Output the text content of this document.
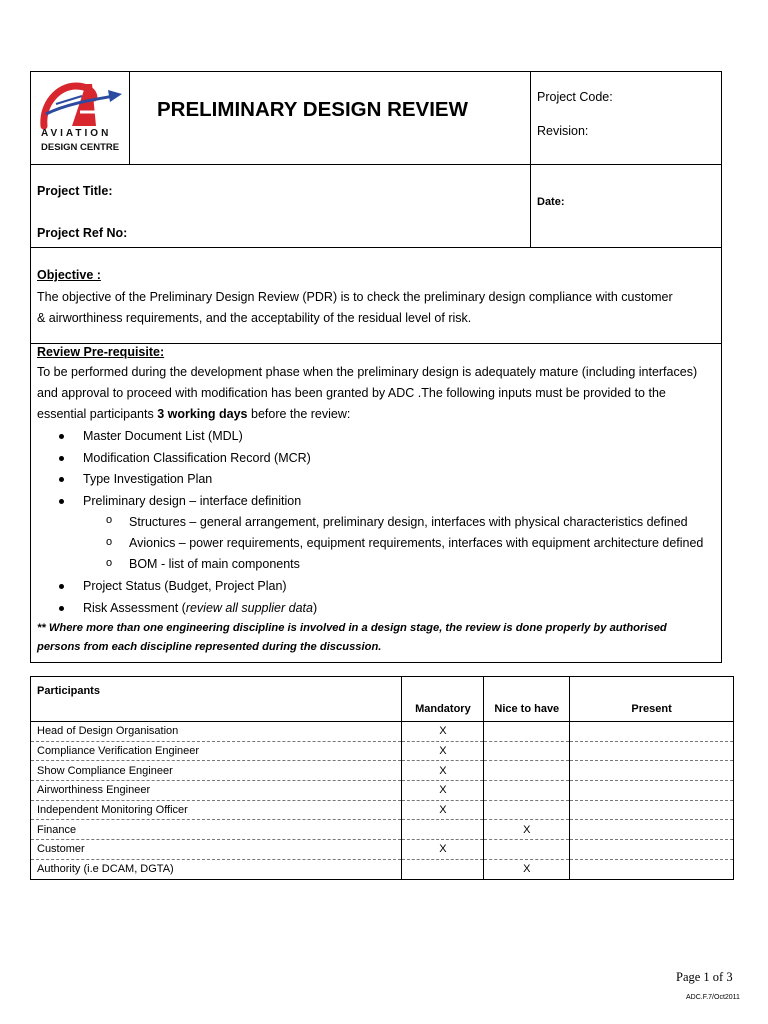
AVIATION
DESIGN CENTRE
PRELIMINARY DESIGN REVIEW
Project Code:
Revision:
Project Title:
Project Ref No:
Date:
Objective :
The objective of the Preliminary Design Review (PDR) is to check the preliminary design compliance with customer
& airworthiness requirements, and the acceptability of the residual level of risk.
Review Pre-requisite:
To be performed during the development phase when the preliminary design is adequately mature (including interfaces)
and approval to proceed with modification has been granted by ADC .The following inputs must be provided to the
essential participants 3 working days before the review:
Master Document List (MDL)
Modification Classification Record (MCR)
Type Investigation Plan
Preliminary design – interface definition
o Structures – general arrangement, preliminary design, interfaces with physical characteristics defined
o Avionics – power requirements, equipment requirements, interfaces with equipment architecture defined
o BOM - list of main components
Project Status (Budget, Project Plan)
Risk Assessment (review all supplier data)
** Where more than one engineering discipline is involved in a design stage, the review is done properly by authorised
persons from each discipline represented during the discussion.
Participants	Mandatory	Nice to have	Present
Head of Design Organisation	X		
Compliance Verification Engineer	X		
Show Compliance Engineer	X		
Airworthiness Engineer	X		
Independent Monitoring Officer	X		
Finance		X	
Customer	X		
Authority (i.e DCAM, DGTA)		X	
Page 1 of 3
ADC.F.7/Oct2011
